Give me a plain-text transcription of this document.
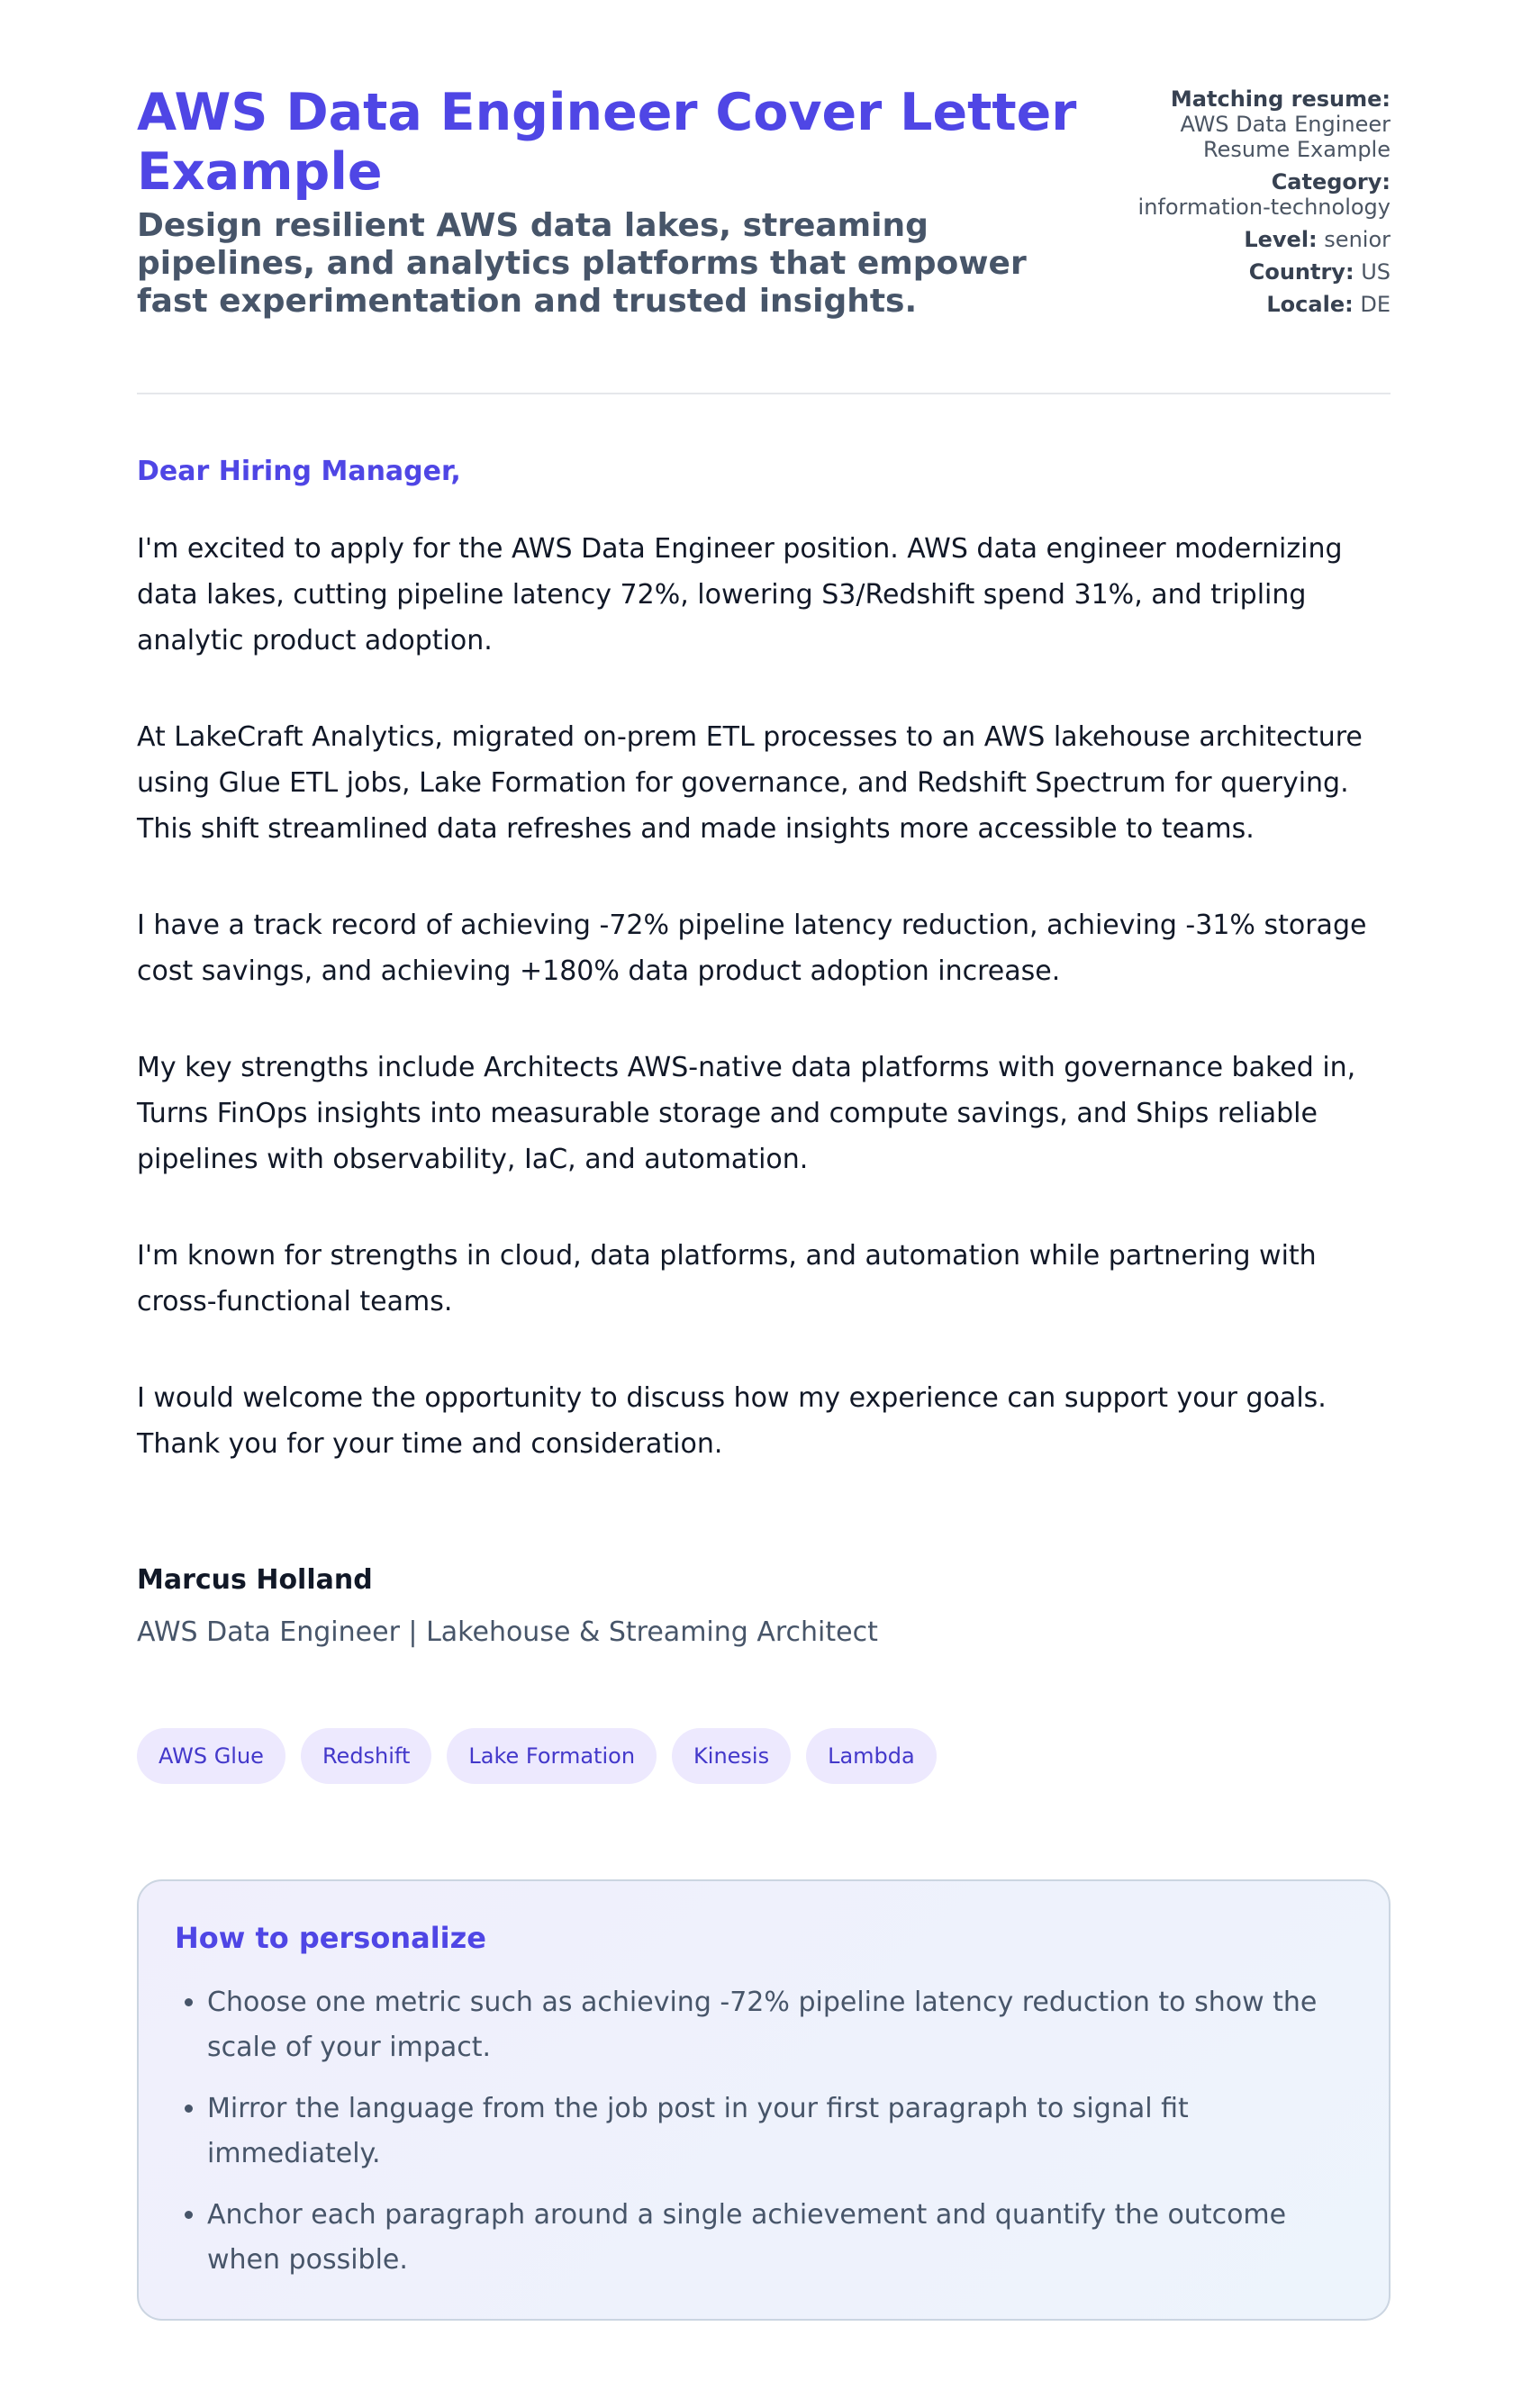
AWS Data Engineer Cover Letter Example
Design resilient AWS data lakes, streaming pipelines, and analytics platforms that empower fast experimentation and trusted insights.
Matching resume:
AWS Data Engineer Resume Example
Category:
information-technology
Level: senior
Country: US
Locale: DE
Dear Hiring Manager,

I'm excited to apply for the AWS Data Engineer position. AWS data engineer modernizing data lakes, cutting pipeline latency 72%, lowering S3/Redshift spend 31%, and tripling analytic product adoption.

At LakeCraft Analytics, migrated on-prem ETL processes to an AWS lakehouse architecture using Glue ETL jobs, Lake Formation for governance, and Redshift Spectrum for querying. This shift streamlined data refreshes and made insights more accessible to teams.

I have a track record of achieving -72% pipeline latency reduction, achieving -31% storage cost savings, and achieving +180% data product adoption increase.

My key strengths include Architects AWS-native data platforms with governance baked in, Turns FinOps insights into measurable storage and compute savings, and Ships reliable pipelines with observability, IaC, and automation.

I'm known for strengths in cloud, data platforms, and automation while partnering with cross-functional teams.

I would welcome the opportunity to discuss how my experience can support your goals. Thank you for your time and consideration.

Marcus Holland
AWS Data Engineer | Lakehouse & Streaming Architect
AWS Glue	Redshift	Lake Formation	Kinesis	Lambda
How to personalize
• Choose one metric such as achieving -72% pipeline latency reduction to show the scale of your impact.
• Mirror the language from the job post in your first paragraph to signal fit immediately.
• Anchor each paragraph around a single achievement and quantify the outcome when possible.
